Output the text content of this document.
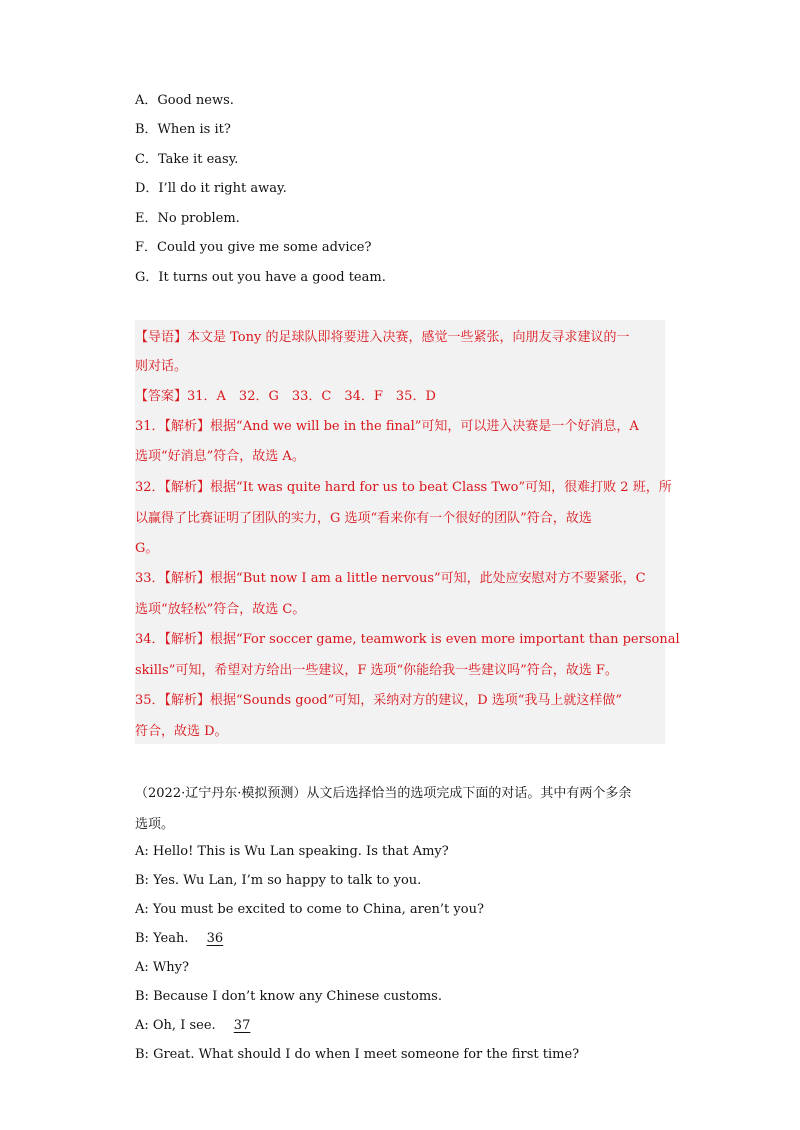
A．Good news.
B．When is it?
C．Take it easy.
D．I’ll do it right away.
E．No problem.
F．Could you give me some advice?
G．It turns out you have a good team.
【导语】本文是 Tony 的足球队即将要进入决赛，感觉一些紧张，向朋友寻求建议的一
则对话。
【答案】31．A　32．G　33．C　34．F　35．D
31．【解析】根据“And we will be in the final”可知，可以进入决赛是一个好消息，A
选项“好消息”符合，故选 A。
32．【解析】根据“It was quite hard for us to beat Class Two”可知，很难打败 2 班，所
以赢得了比赛证明了团队的实力，G 选项“看来你有一个很好的团队”符合，故选
G。
33．【解析】根据“But now I am a little nervous”可知，此处应安慰对方不要紧张，C
选项“放轻松”符合，故选 C。
34．【解析】根据“For soccer game, teamwork is even more important than personal
skills”可知，希望对方给出一些建议，F 选项“你能给我一些建议吗”符合，故选 F。
35．【解析】根据“Sounds good”可知，采纳对方的建议，D 选项“我马上就这样做”
符合，故选 D。
（2022·辽宁丹东·模拟预测）从文后选择恰当的选项完成下面的对话。其中有两个多余
选项。
A: Hello! This is Wu Lan speaking. Is that Amy?
B: Yes. Wu Lan, I’m so happy to talk to you.
A: You must be excited to come to China, aren’t you?
B: Yeah. 36
A: Why?
B: Because I don’t know any Chinese customs.
A: Oh, I see. 37
B: Great. What should I do when I meet someone for the first time?
